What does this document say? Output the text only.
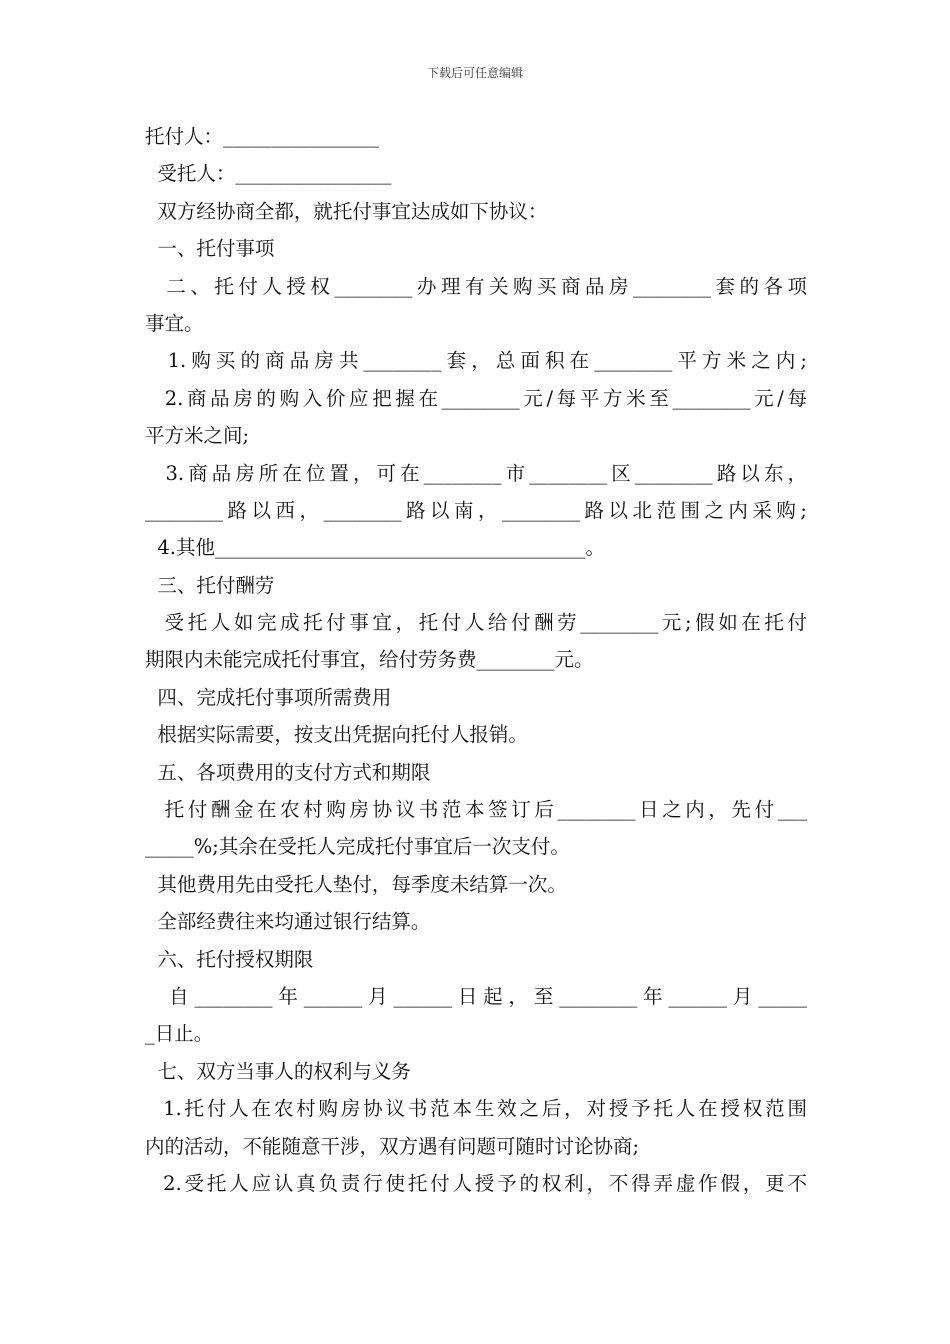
下载后可任意编辑
托付人：________________
受托人：________________
双方经协商全都，就托付事宜达成如下协议：
一、托付事项
二、托付人授权________办理有关购买商品房________套的各项
事宜。
1.购买的商品房共________套，总面积在________平方米之内;
2.商品房的购入价应把握在________元/每平方米至________元/每
平方米之间;
3.商品房所在位置，可在________市________区________路以东，
________路以西，________路以南，________路以北范围之内采购;
4.其他______________________________________。
三、托付酬劳
受托人如完成托付事宜，托付人给付酬劳________元;假如在托付
期限内未能完成托付事宜，给付劳务费________元。
四、完成托付事项所需费用
根据实际需要，按支出凭据向托付人报销。
五、各项费用的支付方式和期限
托付酬金在农村购房协议书范本签订后________日之内，先付___
_____%;其余在受托人完成托付事宜后一次支付。
其他费用先由受托人垫付，每季度未结算一次。
全部经费往来均通过银行结算。
六、托付授权期限
自________年______月______日起，至________年______月_____
_日止。
七、双方当事人的权利与义务
1.托付人在农村购房协议书范本生效之后，对授予托人在授权范围
内的活动，不能随意干涉，双方遇有问题可随时讨论协商;
2.受托人应认真负责行使托付人授予的权利，不得弄虚作假，更不
